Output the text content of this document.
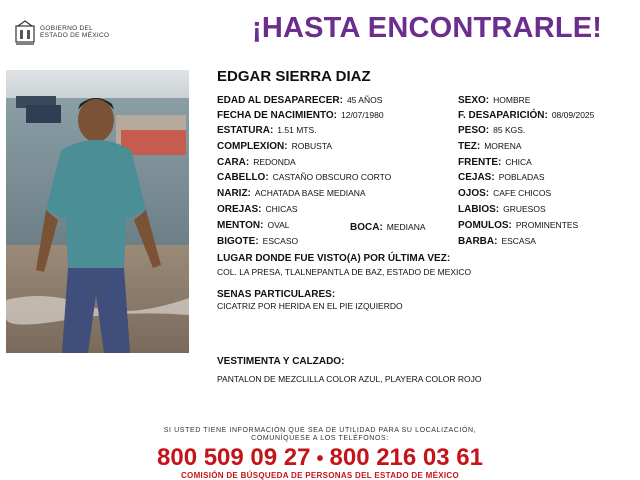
GOBIERNO DEL
ESTADO DE MÉXICO	¡HASTA ENCONTRARLE!
EDGAR SIERRA DIAZ
EDAD AL DESAPARECER: 45 AÑOS
FECHA DE NACIMIENTO: 12/07/1980
ESTATURA: 1.51 MTS.
COMPLEXION: ROBUSTA
CARA: REDONDA
CABELLO: CASTAÑO OBSCURO CORTO
NARIZ: ACHATADA BASE MEDIANA
OREJAS: CHICAS
MENTON: OVAL
BIGOTE: ESCASO
BOCA: MEDIANA
SEXO: HOMBRE
F. DESAPARICIÓN: 08/09/2025
PESO: 85 KGS.
TEZ: MORENA
FRENTE: CHICA
CEJAS: POBLADAS
OJOS: CAFE CHICOS
LABIOS: GRUESOS
POMULOS: PROMINENTES
BARBA: ESCASA
LUGAR DONDE FUE VISTO(A) POR ÚLTIMA VEZ:
COL. LA PRESA, TLALNEPANTLA DE BAZ, ESTADO DE MEXICO
SENAS PARTICULARES:
CICATRIZ POR HERIDA EN EL PIE IZQUIERDO
VESTIMENTA Y CALZADO:
PANTALON DE MEZCLILLA COLOR AZUL, PLAYERA COLOR ROJO
SI USTED TIENE INFORMACIÓN QUE SEA DE UTILIDAD PARA SU LOCALIZACIÓN,
COMUNÍQUESE A LOS TELÉFONOS:
800 509 09 27 • 800 216 03 61
COMISIÓN DE BÚSQUEDA DE PERSONAS DEL ESTADO DE MÉXICO
